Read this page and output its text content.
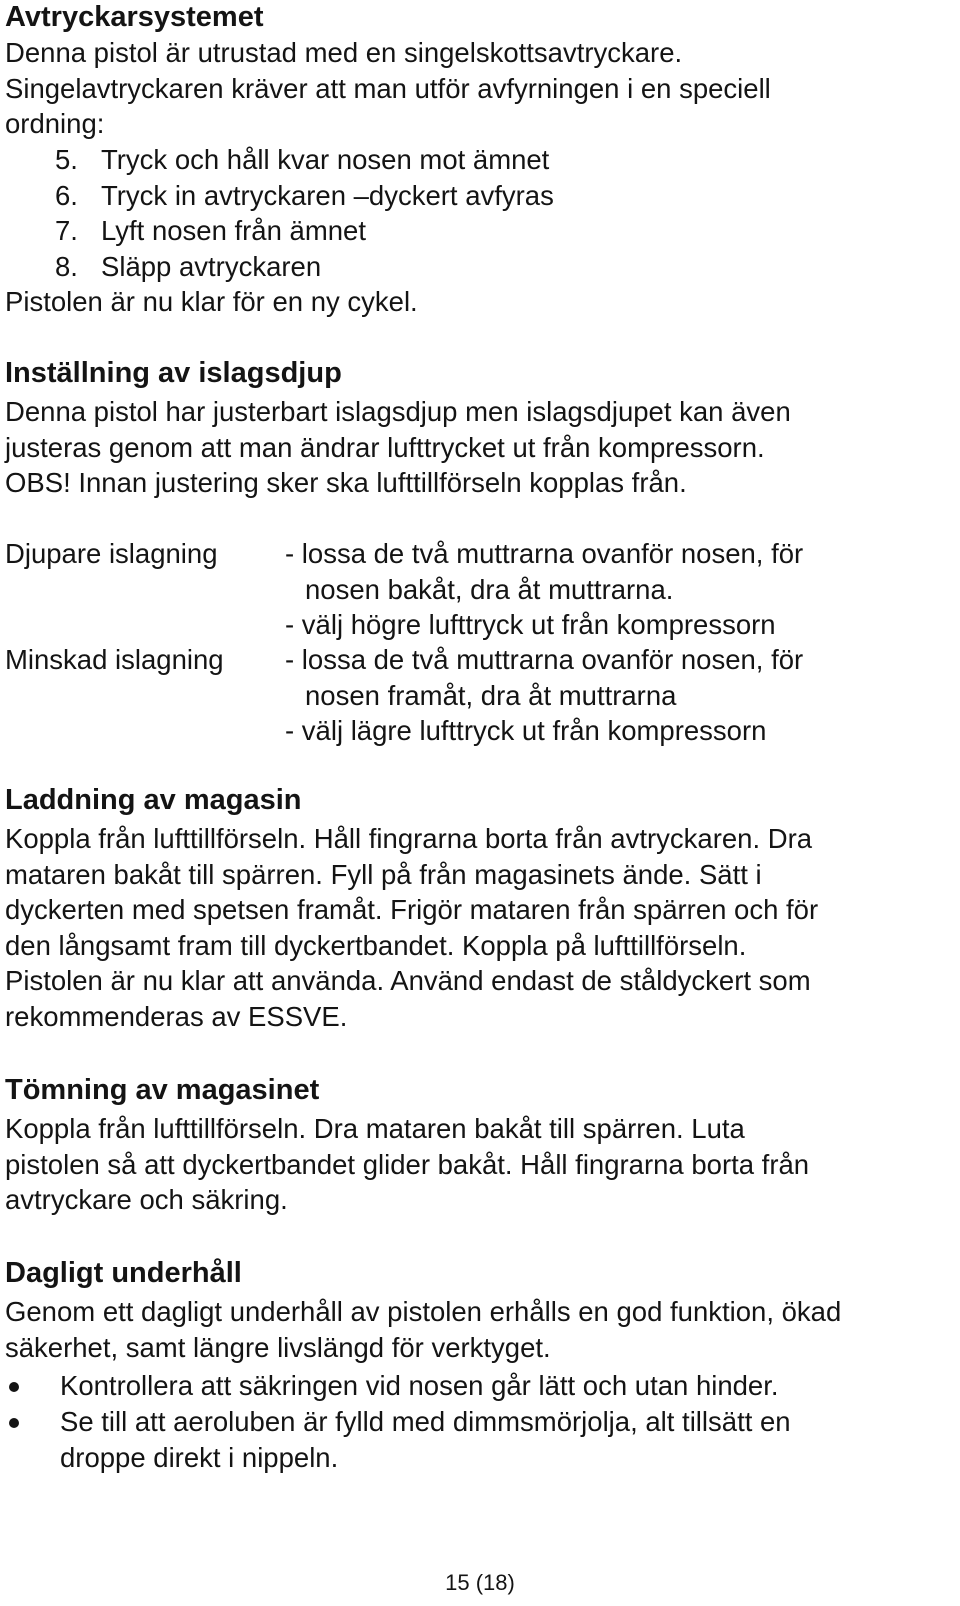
Avtryckarsystemet
Denna pistol är utrustad med en singelskottsavtryckare.
Singelavtryckaren kräver att man utför avfyrningen i en speciell
ordning:
5. Tryck och håll kvar nosen mot ämnet
6. Tryck in avtryckaren –dyckert avfyras
7. Lyft nosen från ämnet
8. Släpp avtryckaren
Pistolen är nu klar för en ny cykel.
Inställning av islagsdjup
Denna pistol har justerbart islagsdjup men islagsdjupet kan även
justeras genom att man ändrar lufttrycket ut från kompressorn.
OBS! Innan justering sker ska lufttillförseln kopplas från.
Djupare islagning - lossa de två muttrarna ovanför nosen, för
nosen bakåt, dra åt muttrarna.
- välj högre lufttryck ut från kompressorn
Minskad islagning - lossa de två muttrarna ovanför nosen, för
nosen framåt, dra åt muttrarna
- välj lägre lufttryck ut från kompressorn
Laddning av magasin
Koppla från lufttillförseln. Håll fingrarna borta från avtryckaren. Dra
mataren bakåt till spärren. Fyll på från magasinets ände. Sätt i
dyckerten med spetsen framåt. Frigör mataren från spärren och för
den långsamt fram till dyckertbandet. Koppla på lufttillförseln.
Pistolen är nu klar att använda. Använd endast de ståldyckert som
rekommenderas av ESSVE.
Tömning av magasinet
Koppla från lufttillförseln. Dra mataren bakåt till spärren. Luta
pistolen så att dyckertbandet glider bakåt. Håll fingrarna borta från
avtryckare och säkring.
Dagligt underhåll
Genom ett dagligt underhåll av pistolen erhålls en god funktion, ökad
säkerhet, samt längre livslängd för verktyget.
Kontrollera att säkringen vid nosen går lätt och utan hinder.
Se till att aeroluben är fylld med dimmsmörjolja, alt tillsätt en
droppe direkt i nippeln.
15 (18)
